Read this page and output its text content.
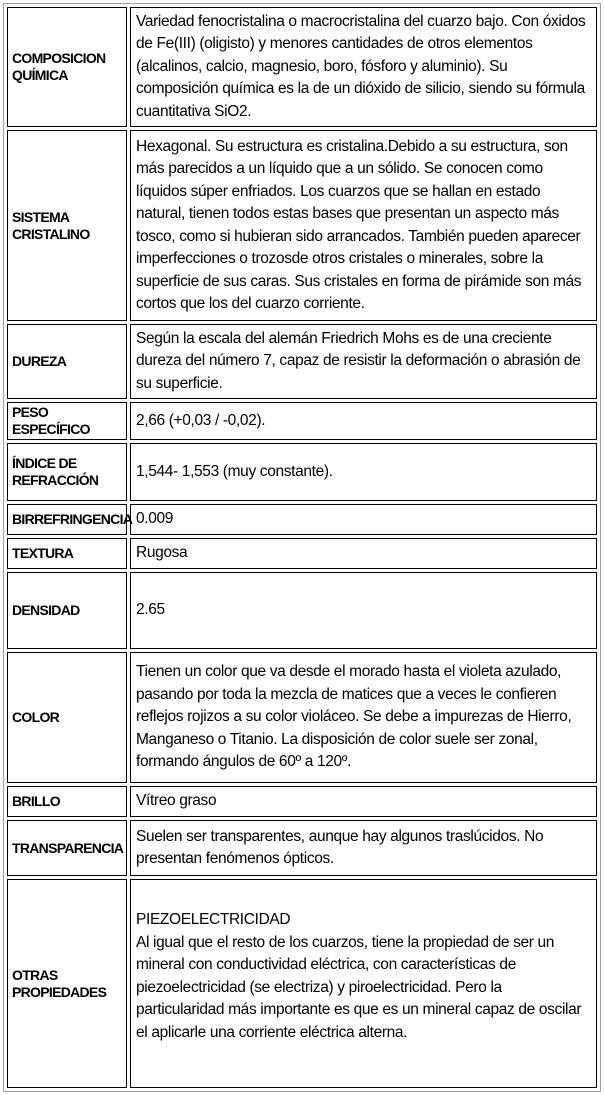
COMPOSICION QUÍMICA	Variedad fenocristalina o macrocristalina del cuarzo bajo. Con óxidos de Fe(III) (oligisto) y menores cantidades de otros elementos (alcalinos, calcio, magnesio, boro, fósforo y aluminio). Su composición química es la de un dióxido de silicio, siendo su fórmula cuantitativa SiO2.
SISTEMA CRISTALINO	Hexagonal. Su estructura es cristalina.Debido a su estructura, son más parecidos a un líquido que a un sólido. Se conocen como líquidos súper enfriados. Los cuarzos que se hallan en estado natural, tienen todos estas bases que presentan un aspecto más tosco, como si hubieran sido arrancados. También pueden aparecer imperfecciones o trozosde otros cristales o minerales, sobre la superficie de sus caras. Sus cristales en forma de pirámide son más cortos que los del cuarzo corriente.
DUREZA	Según la escala del alemán Friedrich Mohs es de una creciente dureza del número 7, capaz de resistir la deformación o abrasión de su superficie.
PESO ESPECÍFICO	2,66 (+0,03 / -0,02).
ÍNDICE DE REFRACCIÓN	1,544- 1,553 (muy constante).
BIRREFRINGENCIA	0.009
TEXTURA	Rugosa
DENSIDAD	2.65
COLOR	Tienen un color que va desde el morado hasta el violeta azulado, pasando por toda la mezcla de matices que a veces le confieren reflejos rojizos a su color violáceo. Se debe a impurezas de Hierro, Manganeso o Titanio. La disposición de color suele ser zonal, formando ángulos de 60º a 120º.
BRILLO	Vítreo graso
TRANSPARENCIA	Suelen ser transparentes, aunque hay algunos traslúcidos. No presentan fenómenos ópticos.
OTRAS PROPIEDADES	PIEZOELECTRICIDAD
Al igual que el resto de los cuarzos, tiene la propiedad de ser un mineral con conductividad eléctrica, con características de piezoelectricidad (se electriza) y piroelectricidad. Pero la particularidad más importante es que es un mineral capaz de oscilar el aplicarle una corriente eléctrica alterna.
